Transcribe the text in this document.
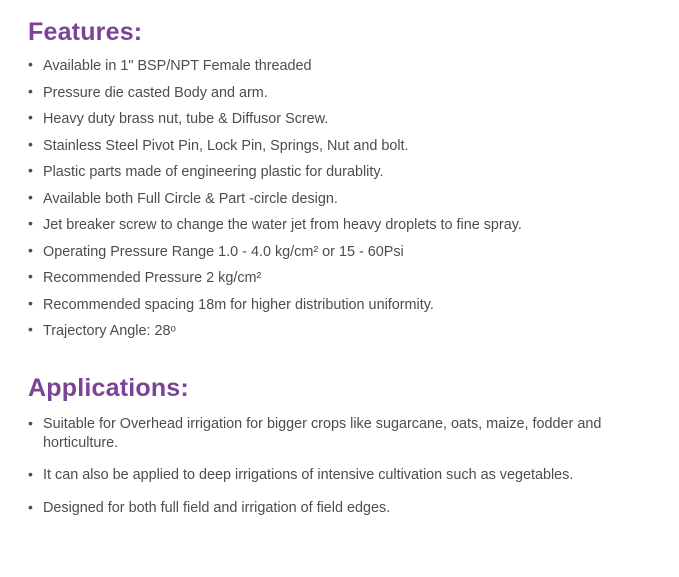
Features:
• Available in 1" BSP/NPT Female threaded
• Pressure die casted Body and arm.
• Heavy duty brass nut, tube & Diffusor Screw.
• Stainless Steel Pivot Pin, Lock Pin, Springs, Nut and bolt.
• Plastic parts made of engineering plastic for durablity.
• Available both Full Circle & Part -circle design.
• Jet breaker screw to change the water jet from heavy droplets to fine spray.
• Operating Pressure Range 1.0 - 4.0 kg/cm² or 15 - 60Psi
• Recommended Pressure 2 kg/cm²
• Recommended spacing 18m for higher distribution uniformity.
• Trajectory Angle: 28ᵒ
Applications:
• Suitable for Overhead irrigation for bigger crops like sugarcane, oats, maize, fodder and horticulture.
• It can also be applied to deep irrigations of intensive cultivation such as vegetables.
• Designed for both full field and irrigation of field edges.
